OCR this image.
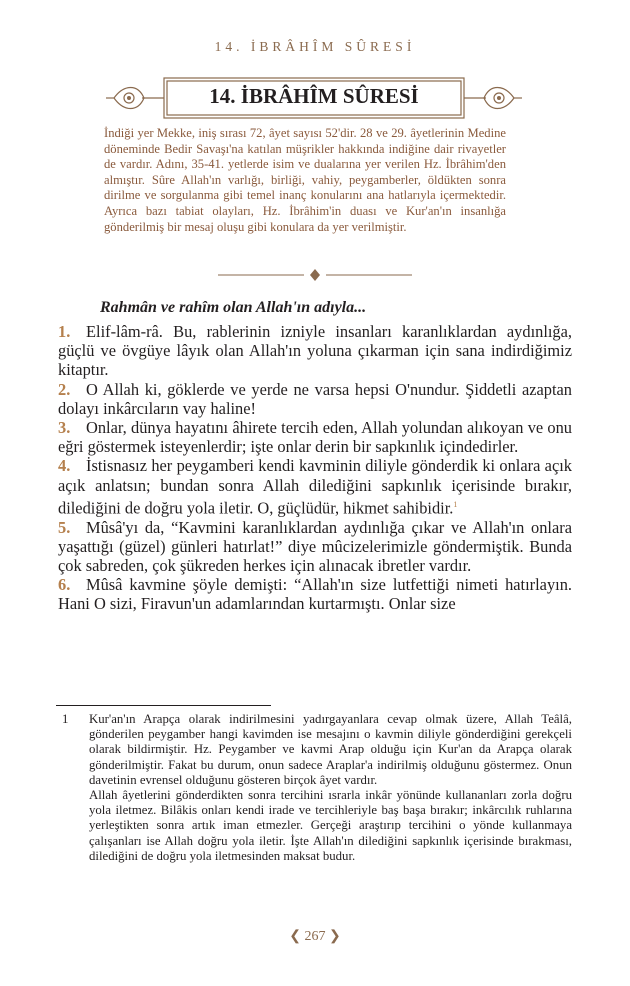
14. İBRÂHÎM SÛRESİ
14. İBRÂHÎM SÛRESİ
İndiği yer Mekke, iniş sırası 72, âyet sayısı 52'dir. 28 ve 29. âyetlerinin Medine döneminde Bedir Savaşı'na katılan müşrikler hakkında indiğine dair rivayetler de vardır. Adını, 35-41. yetlerde isim ve dualarına yer verilen Hz. İbrâhim'den almıştır. Sûre Allah'ın varlığı, birliği, vahiy, peygamberler, öldükten sonra dirilme ve sorgulanma gibi temel inanç konularını ana hatlarıyla içermektedir. Ayrıca bazı tabiat olayları, Hz. İbrâhim'in duası ve Kur'an'ın insanlığa gönderilmiş bir mesaj oluşu gibi konulara da yer verilmiştir.
Rahmân ve rahîm olan Allah'ın adıyla...

1. Elif-lâm-râ. Bu, rablerinin izniyle insanları karanlıklardan aydınlığa, güçlü ve övgüye lâyık olan Allah'ın yoluna çıkarman için sana indirdiğimiz kitaptır.

2. O Allah ki, göklerde ve yerde ne varsa hepsi O'nundur. Şiddetli azaptan dolayı inkârcıların vay haline!

3. Onlar, dünya hayatını âhirete tercih eden, Allah yolundan alıkoyan ve onu eğri göstermek isteyenlerdir; işte onlar derin bir sapkınlık içindedirler.

4. İstisnasız her peygamberi kendi kavminin diliyle gönderdik ki onlara açık açık anlatsın; bundan sonra Allah dilediğini sapkınlık içerisinde bırakır, dilediğini de doğru yola iletir. O, güçlüdür, hikmet sahibidir.$^1$

5. Mûsâ'yı da, “Kavmini karanlıklardan aydınlığa çıkar ve Allah'ın onlara yaşattığı (güzel) günleri hatırlat!” diye mûcizelerimizle göndermiştik. Bunda çok sabreden, çok şükreden herkes için alınacak ibretler vardır.

6. Mûsâ kavmine şöyle demişti: “Allah'ın size lutfettiği nimeti hatırlayın. Hani O sizi, Firavun'un adamlarından kurtarmıştı. Onlar size

1 Kur'an'ın Arapça olarak indirilmesini yadırgayanlara cevap olmak üzere, Allah Teâlâ, gönderilen peygamber hangi kavimden ise mesajını o kavmin diliyle gönderdiğini gerekçeli olarak bildirmiştir. Hz. Peygamber ve kavmi Arap olduğu için Kur'an da Arapça olarak gönderilmiştir. Fakat bu durum, onun sadece Araplar'a indirilmiş olduğunu göstermez. Onun davetinin evrensel olduğunu gösteren birçok âyet vardır.

Allah âyetlerini gönderdikten sonra tercihini ısrarla inkâr yönünde kullananları zorla doğru yola iletmez. Bilâkis onları kendi irade ve tercihleriyle baş başa bırakır; inkârcılık ruhlarına yerleştikten sonra artık iman etmezler. Gerçeği araştırıp tercihini o yönde kullanmaya çalışanları ise Allah doğru yola iletir. İşte Allah'ın dilediğini sapkınlık içerisinde bırakması, dilediğini de doğru yola iletmesinden maksat budur.

❮ 267 ❯
